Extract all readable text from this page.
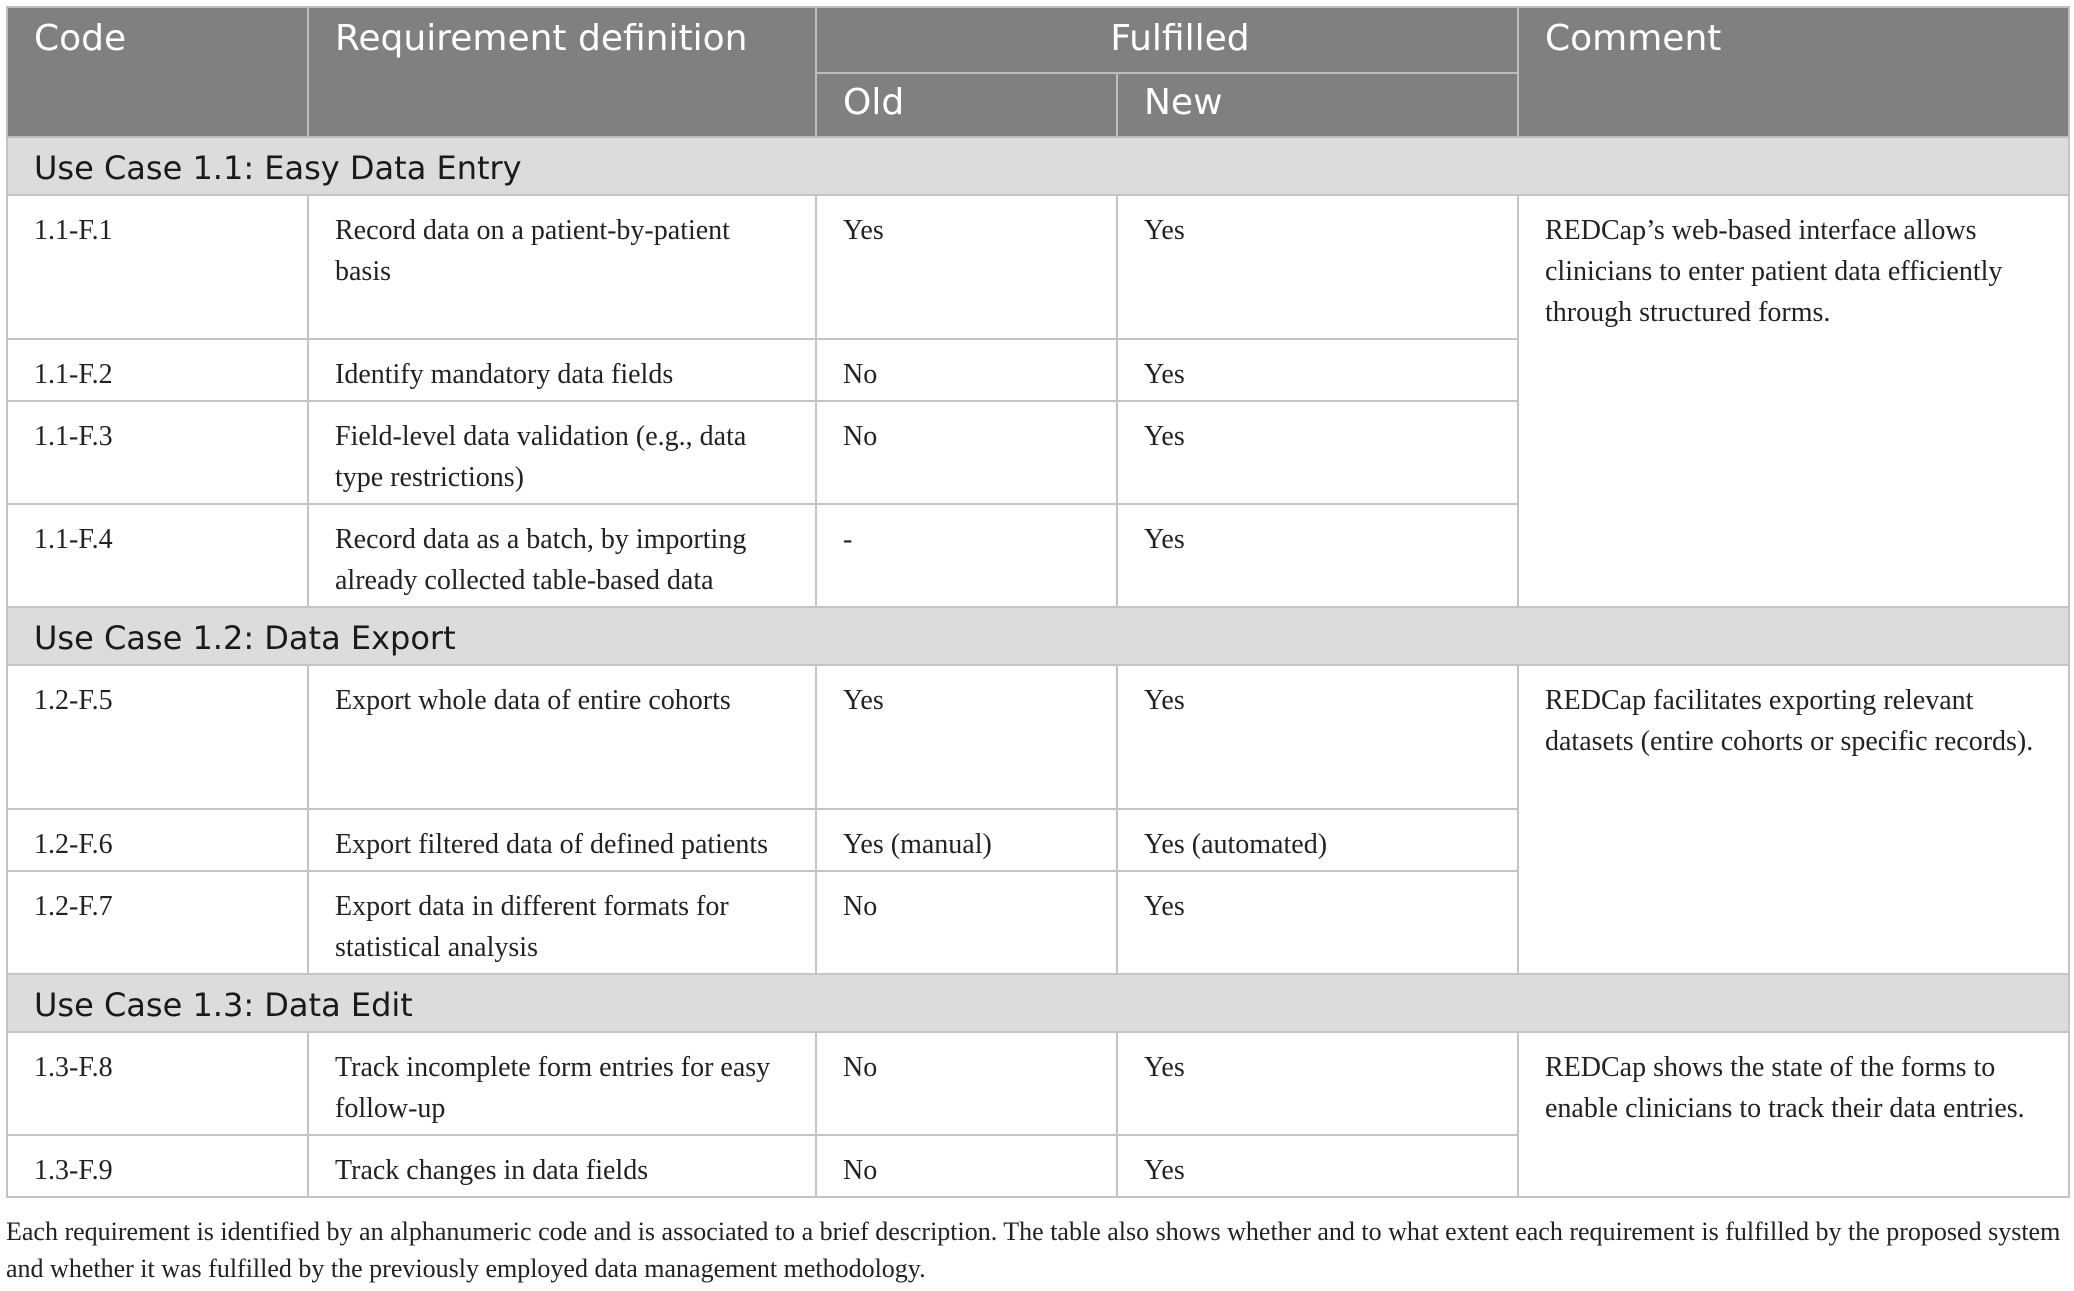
Code	Requirement definition	Fulfilled		Comment
		Old	New	
Use Case 1.1: Easy Data Entry				
1.1-F.1	Record data on a patient-by-patient basis	Yes	Yes	REDCap’s web-based interface allows clinicians to enter patient data efficiently through structured forms.
1.1-F.2	Identify mandatory data fields	No	Yes	
1.1-F.3	Field-level data validation (e.g., data type restrictions)	No	Yes	
1.1-F.4	Record data as a batch, by importing already collected table-based data	-	Yes	
Use Case 1.2: Data Export				
1.2-F.5	Export whole data of entire cohorts	Yes	Yes	REDCap facilitates exporting relevant datasets (entire cohorts or specific records).
1.2-F.6	Export filtered data of defined patients	Yes (manual)	Yes (automated)	
1.2-F.7	Export data in different formats for statistical analysis	No	Yes	
Use Case 1.3: Data Edit				
1.3-F.8	Track incomplete form entries for easy follow-up	No	Yes	REDCap shows the state of the forms to enable clinicians to track their data entries.
1.3-F.9	Track changes in data fields	No	Yes	
Each requirement is identified by an alphanumeric code and is associated to a brief description. The table also shows whether and to what extent each requirement is fulfilled by the proposed system and whether it was fulfilled by the previously employed data management methodology.
